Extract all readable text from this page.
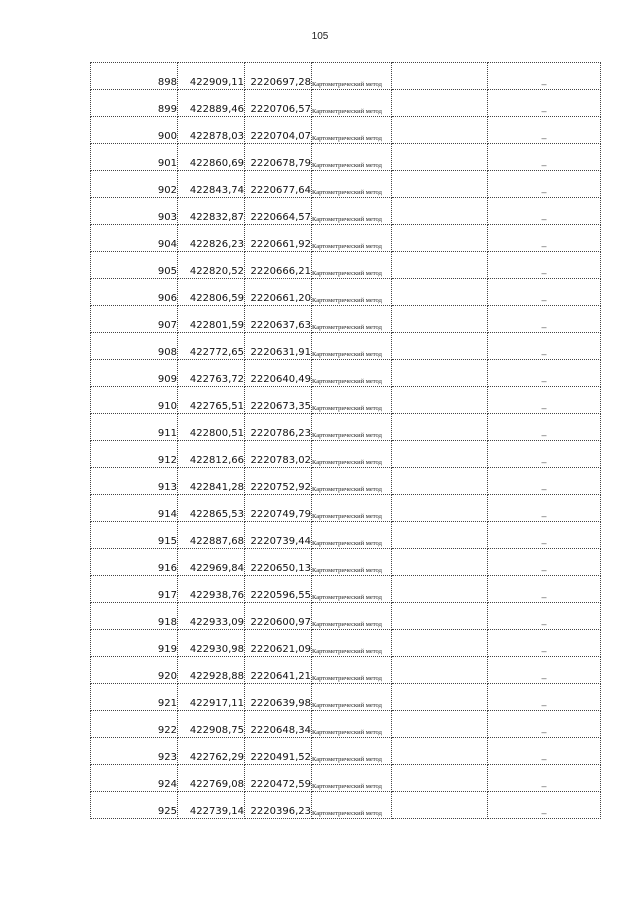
105
898	422909,11	2220697,28	Картометрический метод		–
899	422889,46	2220706,57	Картометрический метод		–
900	422878,03	2220704,07	Картометрический метод		–
901	422860,69	2220678,79	Картометрический метод		–
902	422843,74	2220677,64	Картометрический метод		–
903	422832,87	2220664,57	Картометрический метод		–
904	422826,23	2220661,92	Картометрический метод		–
905	422820,52	2220666,21	Картометрический метод		–
906	422806,59	2220661,20	Картометрический метод		–
907	422801,59	2220637,63	Картометрический метод		–
908	422772,65	2220631,91	Картометрический метод		–
909	422763,72	2220640,49	Картометрический метод		–
910	422765,51	2220673,35	Картометрический метод		–
911	422800,51	2220786,23	Картометрический метод		–
912	422812,66	2220783,02	Картометрический метод		–
913	422841,28	2220752,92	Картометрический метод		–
914	422865,53	2220749,79	Картометрический метод		–
915	422887,68	2220739,44	Картометрический метод		–
916	422969,84	2220650,13	Картометрический метод		–
917	422938,76	2220596,55	Картометрический метод		–
918	422933,09	2220600,97	Картометрический метод		–
919	422930,98	2220621,09	Картометрический метод		–
920	422928,88	2220641,21	Картометрический метод		–
921	422917,11	2220639,98	Картометрический метод		–
922	422908,75	2220648,34	Картометрический метод		–
923	422762,29	2220491,52	Картометрический метод		–
924	422769,08	2220472,59	Картометрический метод		–
925	422739,14	2220396,23	Картометрический метод		–
